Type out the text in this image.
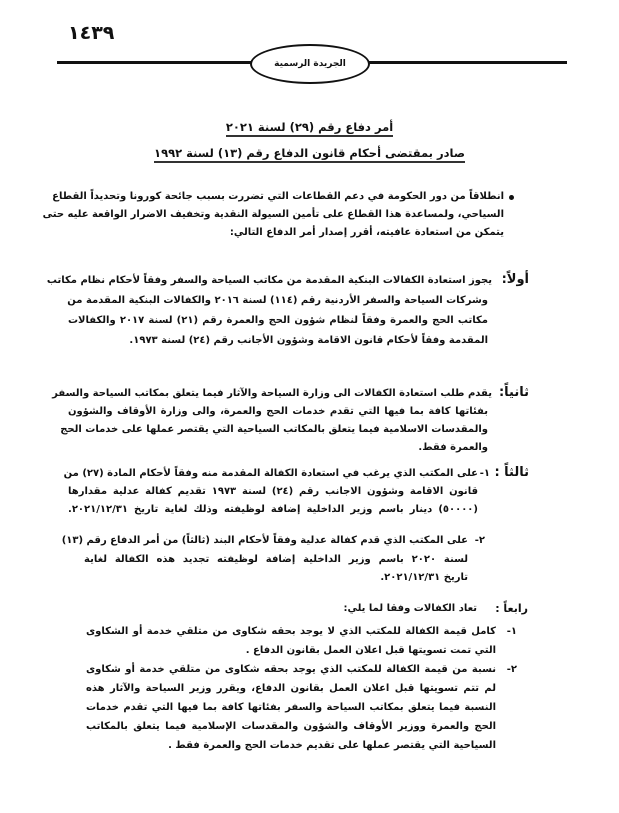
١٤٣٩
الجريدة الرسمية
أمر دفاع رقم (٢٩) لسنة ٢٠٢١
صادر بمقتضى أحكام قانون الدفاع رقم (١٣) لسنة ١٩٩٢
انطلاقاً من دور الحكومة في دعم القطاعات التي تضررت بسبب جائحة كورونا وتحديداً القطاع
السياحي، ولمساعدة هذا القطاع على تأمين السيولة النقدية وتخفيف الاضرار الواقعة عليه حتى
يتمكن من استعادة عافيته، أقرر إصدار أمر الدفاع التالي:
أولاً:
يجوز استعادة الكفالات البنكية المقدمة من مكاتب السياحة والسفر وفقاً لأحكام نظام مكاتب
وشركات السياحة والسفر الأردنية رقم (١١٤) لسنة ٢٠١٦ والكفالات البنكية المقدمة من
مكاتب الحج والعمرة وفقاً لنظام شؤون الحج والعمرة رقم (٢١) لسنة ٢٠١٧ والكفالات
المقدمة وفقاً لأحكام قانون الاقامة وشؤون الأجانب رقم (٢٤) لسنة ١٩٧٣.
ثانياً:
يقدم طلب استعادة الكفالات الى وزارة السياحة والآثار فيما يتعلق بمكاتب السياحة والسفر
بفئاتها كافة بما فيها التي تقدم خدمات الحج والعمرة، والى وزارة الأوقاف والشؤون
والمقدسات الاسلامية فيما يتعلق بالمكاتب السياحية التي يقتصر عملها على خدمات الحج
والعمرة فقط.
ثالثاً :
١-
على المكتب الذي يرغب في استعادة الكفالة المقدمة منه وفقاً لأحكام المادة (٢٧) من
قانون الاقامة وشؤون الاجانب رقم (٢٤) لسنة ١٩٧٣ تقديم كفالة عدلية مقدارها
(٥٠٠٠٠) دينار باسم وزير الداخلية إضافة لوظيفته وذلك لغاية تاريخ ٢٠٢١/١٢/٣١.
٢-
على المكتب الذي قدم كفالة عدلية وفقاً لأحكام البند (ثالثاً) من أمر الدفاع رقم (١٣)
لسنة ٢٠٢٠ باسم وزير الداخلية إضافة لوظيفته تجديد هذه الكفالة لغاية
تاريخ ٢٠٢١/١٢/٣١.
رابعاً :
تعاد الكفالات وفقا لما يلي:
١-
كامل قيمة الكفالة للمكتب الذي لا يوجد بحقه شكاوى من متلقي خدمة أو الشكاوى
التي تمت تسويتها قبل اعلان العمل بقانون الدفاع .
٢-
نسبة من قيمة الكفالة للمكتب الذي يوجد بحقه شكاوى من متلقي خدمة أو شكاوى
لم تتم تسويتها قبل اعلان العمل بقانون الدفاع، ويقرر وزير السياحة والآثار هذه
النسبة فيما يتعلق بمكاتب السياحة والسفر بفئاتها كافة بما فيها التي تقدم خدمات
الحج والعمرة ووزير الأوقاف والشؤون والمقدسات الإسلامية فيما يتعلق بالمكاتب
السياحية التي يقتصر عملها على تقديم خدمات الحج والعمرة فقط .
